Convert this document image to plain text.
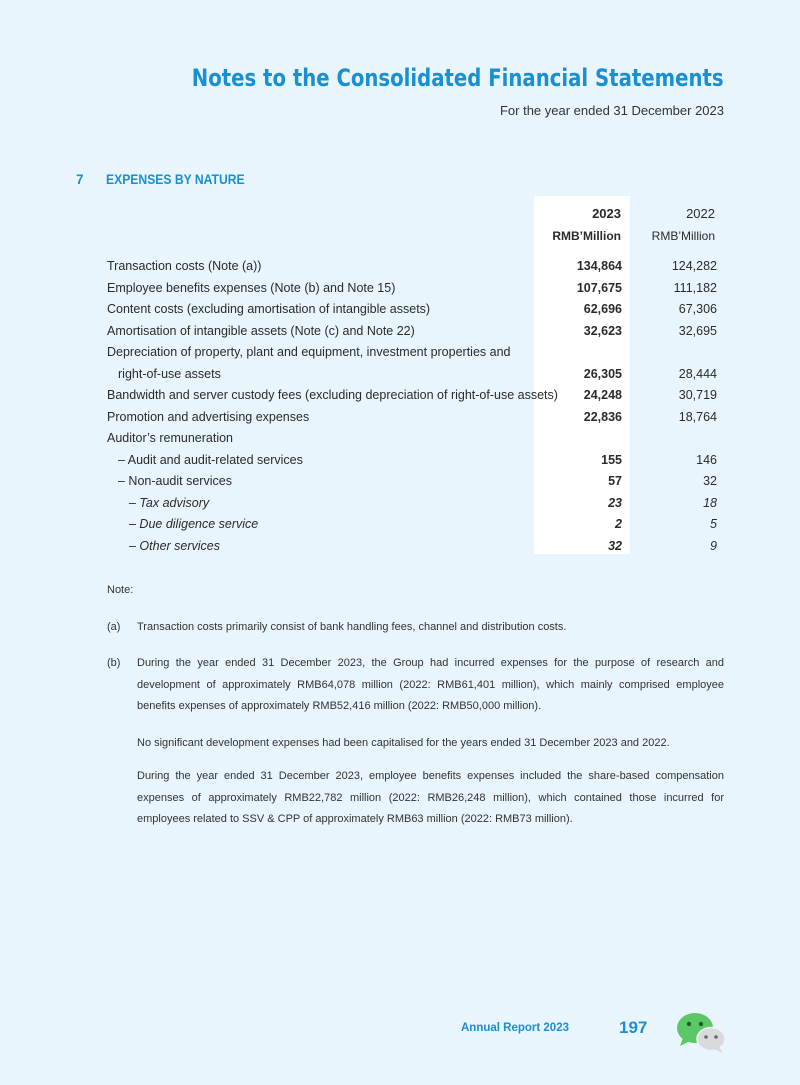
Notes to the Consolidated Financial Statements
For the year ended 31 December 2023
7 EXPENSES BY NATURE
2023	2022
RMB’Million	RMB’Million
Transaction costs (Note (a))	134,864	124,282
Employee benefits expenses (Note (b) and Note 15)	107,675	111,182
Content costs (excluding amortisation of intangible assets)	62,696	67,306
Amortisation of intangible assets (Note (c) and Note 22)	32,623	32,695
Depreciation of property, plant and equipment, investment properties and
right-of-use assets	26,305	28,444
Bandwidth and server custody fees (excluding depreciation of right-of-use assets) 24,248	30,719
Promotion and advertising expenses	22,836	18,764
Auditor’s remuneration
– Audit and audit-related services	155	146
– Non-audit services	57	32
– Tax advisory	23	18
– Due diligence service	2	5
– Other services	32	9
Note:
(a) Transaction costs primarily consist of bank handling fees, channel and distribution costs.
(b) During the year ended 31 December 2023, the Group had incurred expenses for the purpose of research and development of approximately RMB64,078 million (2022: RMB61,401 million), which mainly comprised employee benefits expenses of approximately RMB52,416 million (2022: RMB50,000 million).
No significant development expenses had been capitalised for the years ended 31 December 2023 and 2022.
During the year ended 31 December 2023, employee benefits expenses included the share-based compensation expenses of approximately RMB22,782 million (2022: RMB26,248 million), which contained those incurred for employees related to SSV & CPP of approximately RMB63 million (2022: RMB73 million).
Annual Report 2023	197
